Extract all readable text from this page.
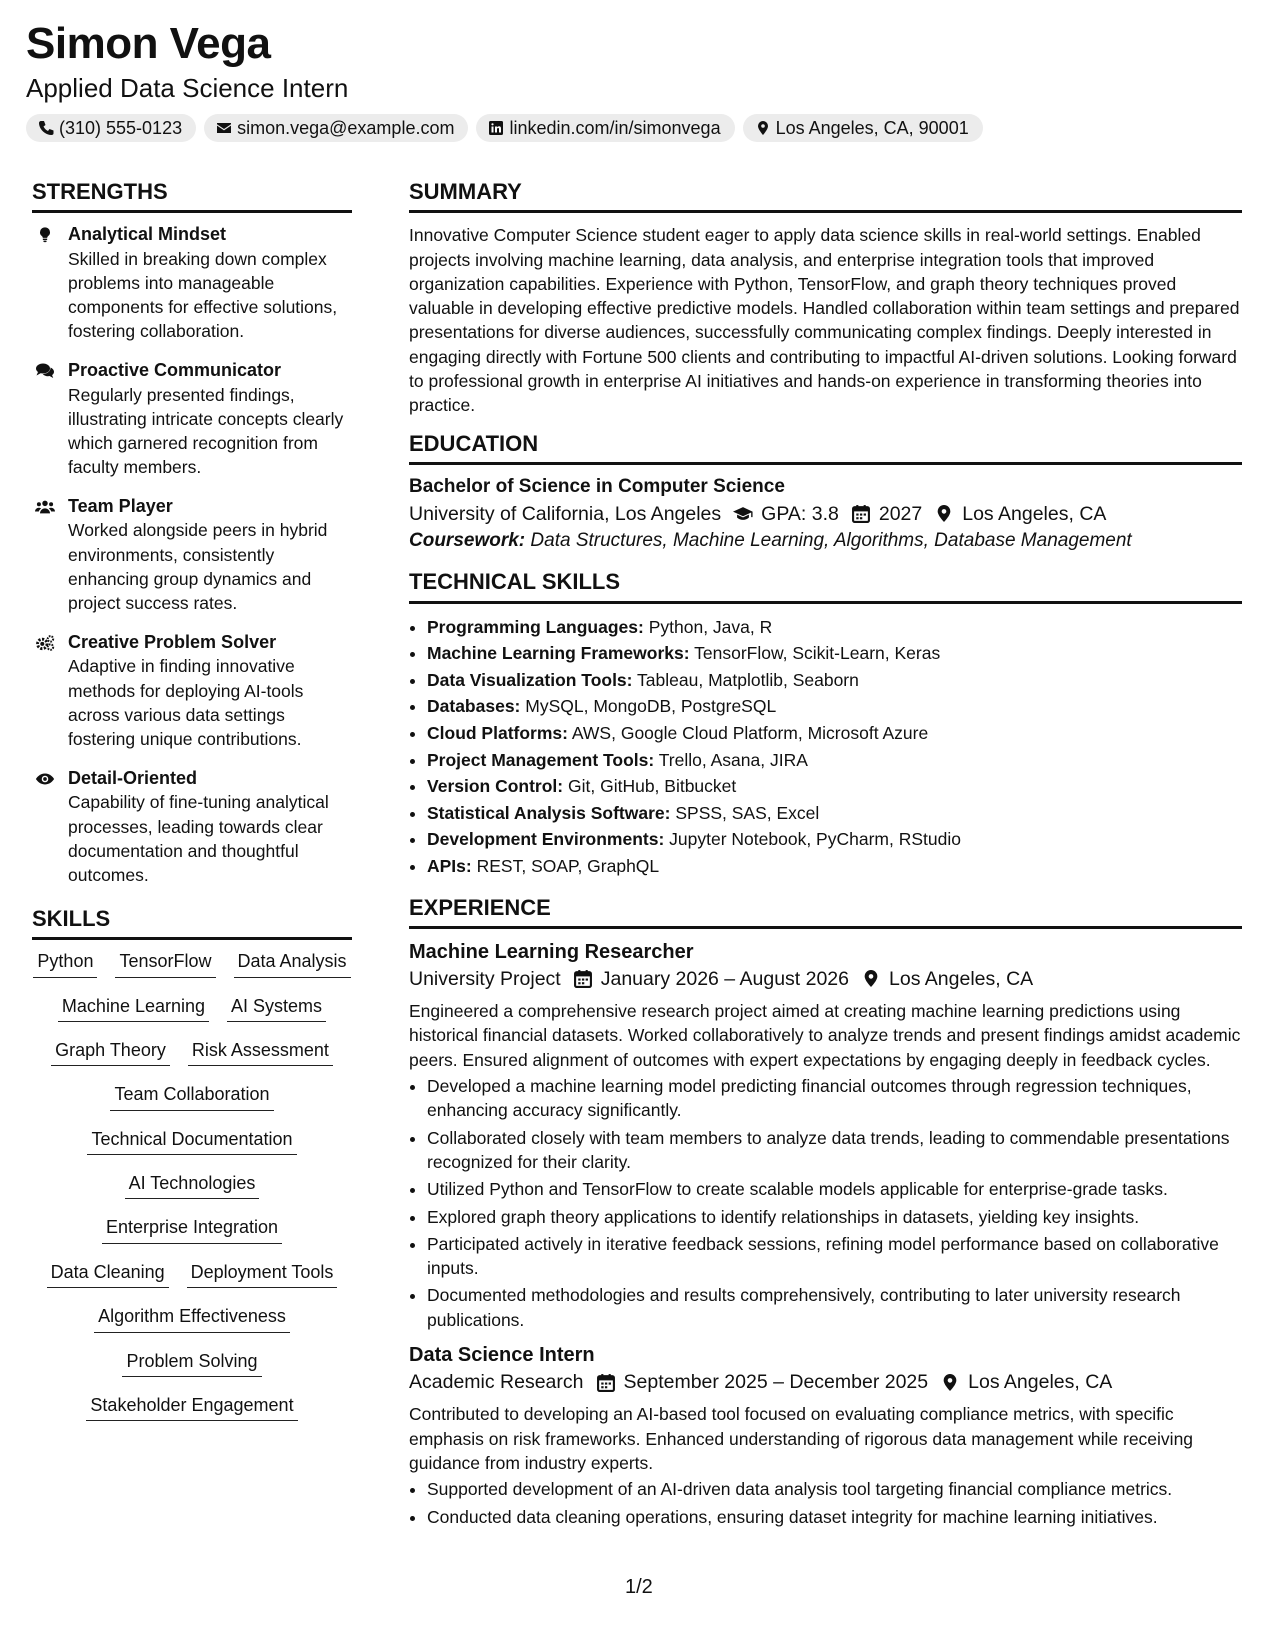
Simon Vega
Applied Data Science Intern
(310) 555-0123	simon.vega@example.com	linkedin.com/in/simonvega	Los Angeles, CA, 90001
STRENGTHS
Analytical Mindset
Skilled in breaking down complex problems into manageable components for effective solutions, fostering collaboration.
Proactive Communicator
Regularly presented findings, illustrating intricate concepts clearly which garnered recognition from faculty members.
Team Player
Worked alongside peers in hybrid environments, consistently enhancing group dynamics and project success rates.
Creative Problem Solver
Adaptive in finding innovative methods for deploying AI-tools across various data settings fostering unique contributions.
Detail-Oriented
Capability of fine-tuning analytical processes, leading towards clear documentation and thoughtful outcomes.
SKILLS
Python TensorFlow Data Analysis
Machine Learning AI Systems
Graph Theory Risk Assessment
Team Collaboration
Technical Documentation
AI Technologies
Enterprise Integration
Data Cleaning Deployment Tools
Algorithm Effectiveness
Problem Solving
Stakeholder Engagement
SUMMARY

Innovative Computer Science student eager to apply data science skills in real-world settings. Enabled projects involving machine learning, data analysis, and enterprise integration tools that improved organization capabilities. Experience with Python, TensorFlow, and graph theory techniques proved valuable in developing effective predictive models. Handled collaboration within team settings and prepared presentations for diverse audiences, successfully communicating complex findings. Deeply interested in engaging directly with Fortune 500 clients and contributing to impactful AI-driven solutions. Looking forward to professional growth in enterprise AI initiatives and hands-on experience in transforming theories into practice.

EDUCATION
Bachelor of Science in Computer Science
University of California, Los Angeles GPA: 3.8 2027 Los Angeles, CA
Coursework: Data Structures, Machine Learning, Algorithms, Database Management
TECHNICAL SKILLS
• Programming Languages: Python, Java, R
• Machine Learning Frameworks: TensorFlow, Scikit-Learn, Keras
• Data Visualization Tools: Tableau, Matplotlib, Seaborn
• Databases: MySQL, MongoDB, PostgreSQL
• Cloud Platforms: AWS, Google Cloud Platform, Microsoft Azure
• Project Management Tools: Trello, Asana, JIRA
• Version Control: Git, GitHub, Bitbucket
• Statistical Analysis Software: SPSS, SAS, Excel
• Development Environments: Jupyter Notebook, PyCharm, RStudio
• APIs: REST, SOAP, GraphQL
EXPERIENCE
Machine Learning Researcher
University Project January 2026 – August 2026 Los Angeles, CA
Engineered a comprehensive research project aimed at creating machine learning predictions using historical financial datasets. Worked collaboratively to analyze trends and present findings amidst academic peers. Ensured alignment of outcomes with expert expectations by engaging deeply in feedback cycles.
• Developed a machine learning model predicting financial outcomes through regression techniques, enhancing accuracy significantly.
• Collaborated closely with team members to analyze data trends, leading to commendable presentations recognized for their clarity.
• Utilized Python and TensorFlow to create scalable models applicable for enterprise-grade tasks.
• Explored graph theory applications to identify relationships in datasets, yielding key insights.
• Participated actively in iterative feedback sessions, refining model performance based on collaborative inputs.
• Documented methodologies and results comprehensively, contributing to later university research publications.
Data Science Intern
Academic Research September 2025 – December 2025 Los Angeles, CA
Contributed to developing an AI-based tool focused on evaluating compliance metrics, with specific emphasis on risk frameworks. Enhanced understanding of rigorous data management while receiving guidance from industry experts.
• Supported development of an AI-driven data analysis tool targeting financial compliance metrics.
• Conducted data cleaning operations, ensuring dataset integrity for machine learning initiatives.
1/2
